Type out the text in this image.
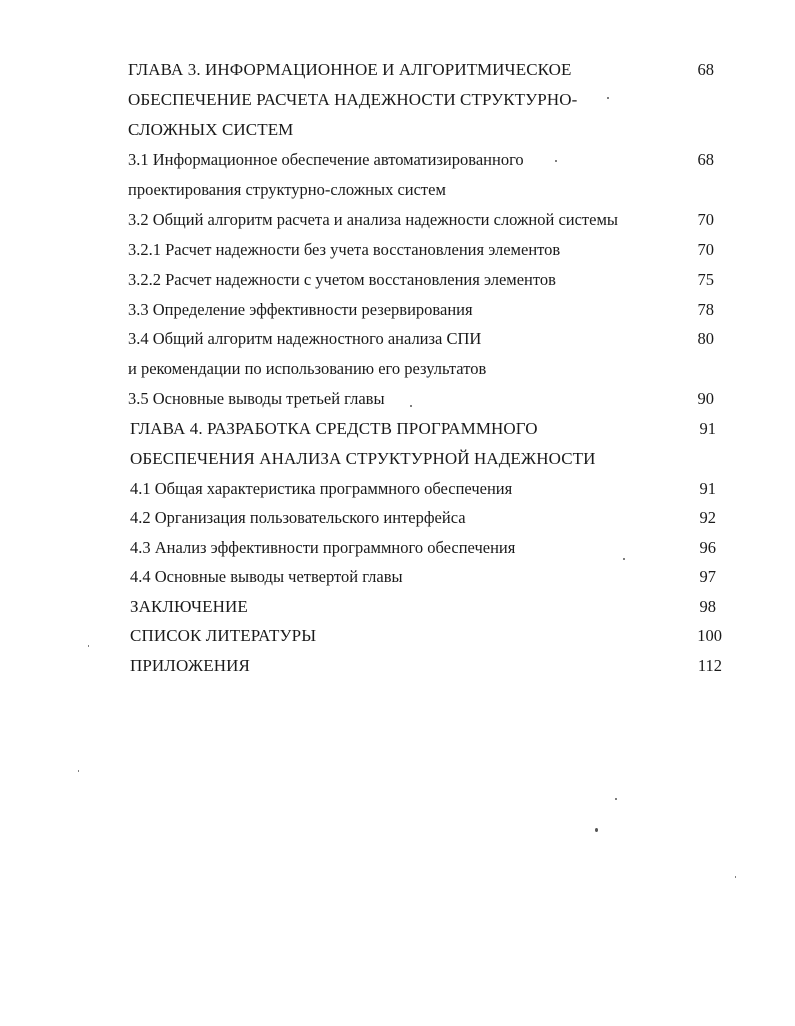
ГЛАВА 3. ИНФОРМАЦИОННОЕ И АЛГОРИТМИЧЕСКОЕ	68
ОБЕСПЕЧЕНИЕ РАСЧЕТА НАДЕЖНОСТИ СТРУКТУРНО-
СЛОЖНЫХ СИСТЕМ
3.1 Информационное обеспечение автоматизированного	68
проектирования структурно-сложных систем
3.2 Общий алгоритм расчета и анализа надежности сложной системы	70
3.2.1 Расчет надежности без учета восстановления элементов	70
3.2.2 Расчет надежности с учетом восстановления элементов	75
3.3 Определение эффективности резервирования	78
3.4 Общий алгоритм надежностного анализа СПИ	80
и рекомендации по использованию его результатов
3.5 Основные выводы третьей главы	90
ГЛАВА 4. РАЗРАБОТКА СРЕДСТВ ПРОГРАММНОГО	91
ОБЕСПЕЧЕНИЯ АНАЛИЗА СТРУКТУРНОЙ НАДЕЖНОСТИ
4.1 Общая характеристика программного обеспечения	91
4.2 Организация пользовательского интерфейса	92
4.3 Анализ эффективности программного обеспечения	96
4.4 Основные выводы четвертой главы	97
ЗАКЛЮЧЕНИЕ	98
СПИСОК ЛИТЕРАТУРЫ	100
ПРИЛОЖЕНИЯ	112
